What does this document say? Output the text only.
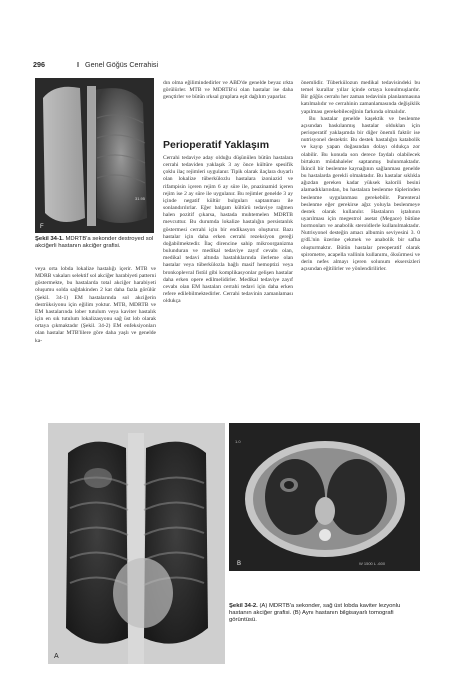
296	I Genel Göğüs Cerrahisi
31.95
F
Şekil 34-1. MDRTB'a sekonder destroyed sol akciğerli hastanın akciğer grafisi.

veya orta lobda lokalize hastalığı içerir. MTB ve MDRB vakaları selektif sol akciğer harabiyeti patterni göstermekte, bu hastalarda total akciğer harabiyeti oluşumu solda sağdakinden 2 kat daha fazla görülür (Şekil. 34-1) EM hastalarında sol akciğerin destrüksiyonu için eğilim yoktur. MTB, MDRTB ve EM hastalarında lober tutulum veya kaviter hastalık için en sık tutulum lokalizasyonu sağ üst lob olarak ortaya çıkmaktadır (Şekil. 34-2) EM enfeksiyonları olan hastalar MTB'lilere göre daha yaşlı ve genelde ka-

dın olma eğilimindedirler ve ABD'de genelde beyaz ırkta görülürler. MTB ve MDRTB'si olan hastalar ise daha gençtirler ve bütün ırksal gruplara eşit dağılım yaparlar.

Perioperatif Yaklaşım

Cerrahi tedaviye aday olduğu düşünülen bütün hastalara cerrahi tedaviden yaklaşık 3 ay önce kültüre spesifik çoklu ilaç rejimleri uygulanır. Tipik olarak ilaçlara duyarlı olan lokalize tüberkülozlu hastalara izoniazid ve rifampisin içeren rejim 6 ay süre ile, pnazinamid içeren rejim ise 2 ay süre ile uygulanır. Bu rejimler genelde 3 ay içinde negatif kültür bulguları saptanması ile sonlandırılırlar. Eğer balgam kültürü tedaviye rağmen halen pozitif çıkarsa, hastada muhtemelen MDRTB mevcuttur. Bu durumda lokalize hastalığın persistanlık göstermesi cerrahi için bir endikasyon oluşturur. Bazı hastalar için daha erken cerrahi rezeksiyon gereği doğabilmektedir. İlaç direncine sahip mikroorganizma bulunduran ve medikal tedaviye zayıf cevabı olan, medikal tedavi altında hastalıklarında ilerleme olan hastalar veya tüberkülozla bağlı masif hemoptizi veya bronkoplevral fistül gibi komplikasyonlar gelişen hastalar daha erken opere edilmelidirler. Medikal tedaviye zayıf cevabı olan EM hastaları cerrahi tedavi için daha erken refere edilebilmektedirler. Cerrahi tedavinin zamanlaması oldukça

önemlidir. Tüberkülozun medikal tedavisindeki bu temel kurallar yıllar içinde ortaya konulmuşlardır. Bir göğüs cerrahı her zaman tedavinin planlanmasına katılmalıdır ve cerrahinin zamanlamasında değişiklik yapılması gerekebileceğinin farkında olmalıdır.

Bu hastalar genelde kaşektik ve beslenme açısından baskılanmış hastalar olduklan için perioperatif yaklaşımda bir diğer önemli faktör ise nutrisyonel destektir. Bu destek hastalığın katabolik ve kayıp yapan doğasından dolayı oldukça zor olabilir. Bu konuda son derece faydalı olabilecek birtakım müdahaleler saptanmış bulunmaktadır. İkincil bir beslenme kaynağının sağlanması genelde bu hastalarda gerekli olmaktadır. Bu hastalar sıklıkla ağızdan gereken kadar yüksek kalorili besini alamadıklarından, bu hastalara beslenme tüplerinden beslenme uygulanması gerekebilir. Parenteral beslenme eğer gerekirse ağız yoluyla beslenmeye destek olarak kullanılır. Hastaların iştahının uyarılması için megestrol asetat (Megace) bütüne hormonları ve anabolik steroidlerle kullanılmaktadır. Nutrisyonel desteğin amacı albumin seviyesini 3. 0 g/dL'nin üzerine çekmek ve anabolik bir safha oluşturmaktır. Bütün hastalar preoperatif olarak spirometre, acapella vallinin kullanımı, öksürmesi ve derin nefes almayı içeren solunum eksersizleri açısından eğitilirler ve yönlendirilirler.

A
1.0
W 1500 L -600
B
Şekil 34-2. (A) MDRTB'a sekonder, sağ üst lobda kaviter lezyonlu hastanın akciğer grafisi. (B) Aynı hastanın bilgisayarlı tomografi görüntüsü.
